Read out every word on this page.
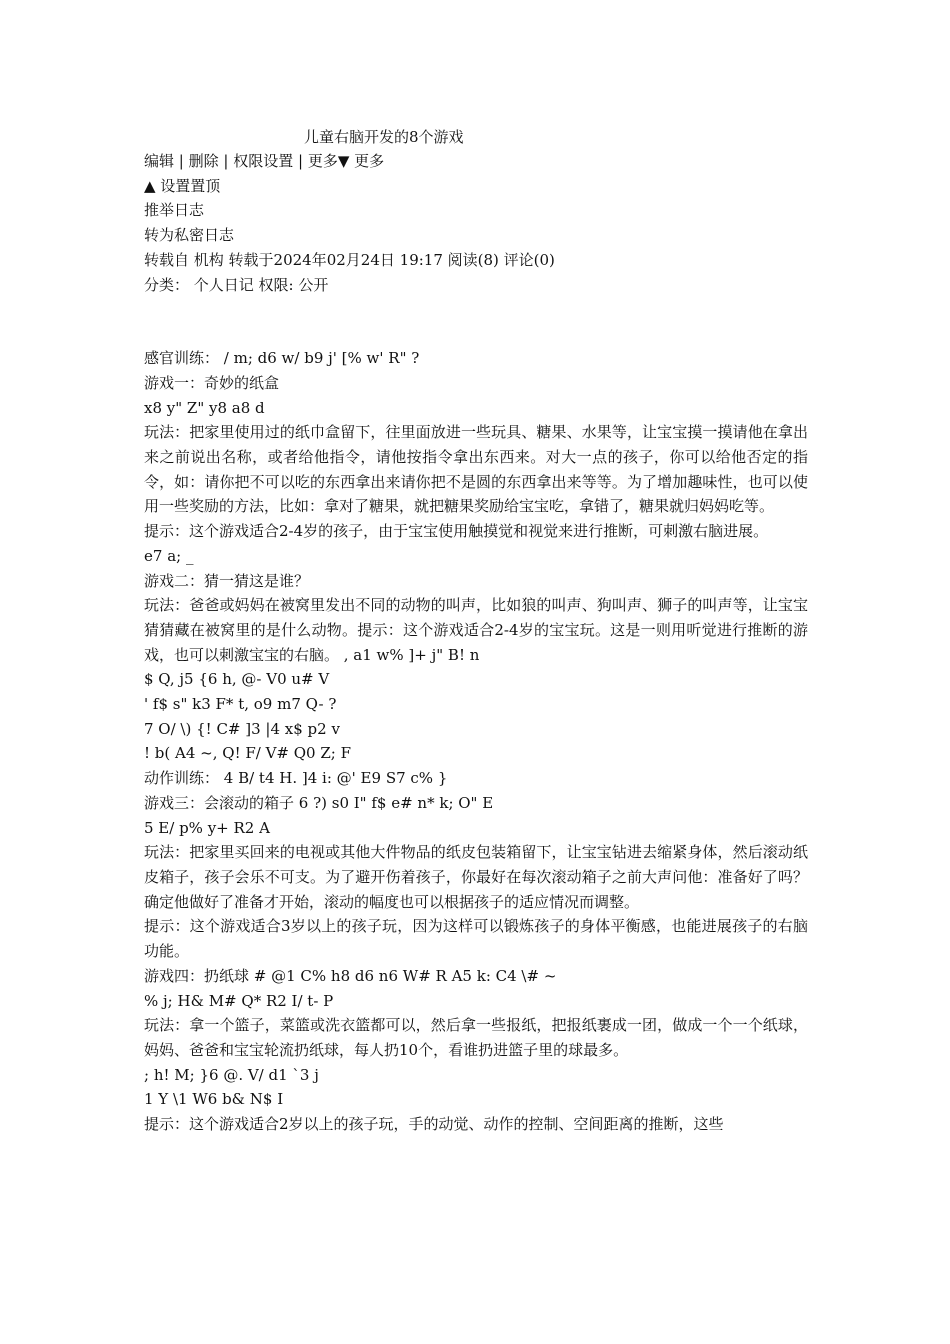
儿童右脑开发的8个游戏
编辑 | 删除 | 权限设置 | 更多▼ 更多
▲ 设置置顶
推举日志
转为私密日志
转载自 机构 转载于2024年02月24日 19:17 阅读(8) 评论(0)
分类： 个人日记 权限: 公开
感官训练： / m; d6 w/ b9 j' [% w' R" ?
游戏一：奇妙的纸盒
x8 y" Z" y8 a8 d
玩法：把家里使用过的纸巾盒留下，往里面放进一些玩具、糖果、水果等，让宝宝摸一摸请他在拿出来之前说出名称，或者给他指令，请他按指令拿出东西来。对大一点的孩子，你可以给他否定的指令，如：请你把不可以吃的东西拿出来请你把不是圆的东西拿出来等等。为了增加趣味性，也可以使用一些奖励的方法，比如：拿对了糖果，就把糖果奖励给宝宝吃，拿错了，糖果就归妈妈吃等。
提示：这个游戏适合2-4岁的孩子，由于宝宝使用触摸觉和视觉来进行推断，可刺激右脑进展。
e7 a; _
游戏二：猜一猜这是谁？
玩法：爸爸或妈妈在被窝里发出不同的动物的叫声，比如狼的叫声、狗叫声、狮子的叫声等，让宝宝猜猜藏在被窝里的是什么动物。提示：这个游戏适合2-4岁的宝宝玩。这是一则用听觉进行推断的游戏，也可以刺激宝宝的右脑。 , a1 w% ]+ j" B! n
$ Q, j5 {6 h, @- V0 u# V
' f$ s" k3 F* t, o9 m7 Q- ?
7 O/ \) {! C# ]3 |4 x$ p2 v
! b( A4 ~, Q! F/ V# Q0 Z; F
动作训练： 4 B/ t4 H. ]4 i: @' E9 S7 c% }
游戏三：会滚动的箱子 6 ?) s0 I" f$ e# n* k; O" E
5 E/ p% y+ R2 A
玩法：把家里买回来的电视或其他大件物品的纸皮包装箱留下，让宝宝钻进去缩紧身体，然后滚动纸皮箱子，孩子会乐不可支。为了避开伤着孩子，你最好在每次滚动箱子之前大声问他：准备好了吗？确定他做好了准备才开始，滚动的幅度也可以根据孩子的适应情况而调整。
提示：这个游戏适合3岁以上的孩子玩，因为这样可以锻炼孩子的身体平衡感，也能进展孩子的右脑功能。
游戏四：扔纸球 # @1 C% h8 d6 n6 W# R A5 k: C4 \# ~
% j; H& M# Q* R2 I/ t- P
玩法：拿一个篮子，菜篮或洗衣篮都可以，然后拿一些报纸，把报纸裹成一团，做成一个一个纸球，妈妈、爸爸和宝宝轮流扔纸球，每人扔10个，看谁扔进篮子里的球最多。
; h! M; }6 @. V/ d1 `3 j
1 Y \1 W6 b& N$ I
提示：这个游戏适合2岁以上的孩子玩，手的动觉、动作的控制、空间距离的推断，这些
